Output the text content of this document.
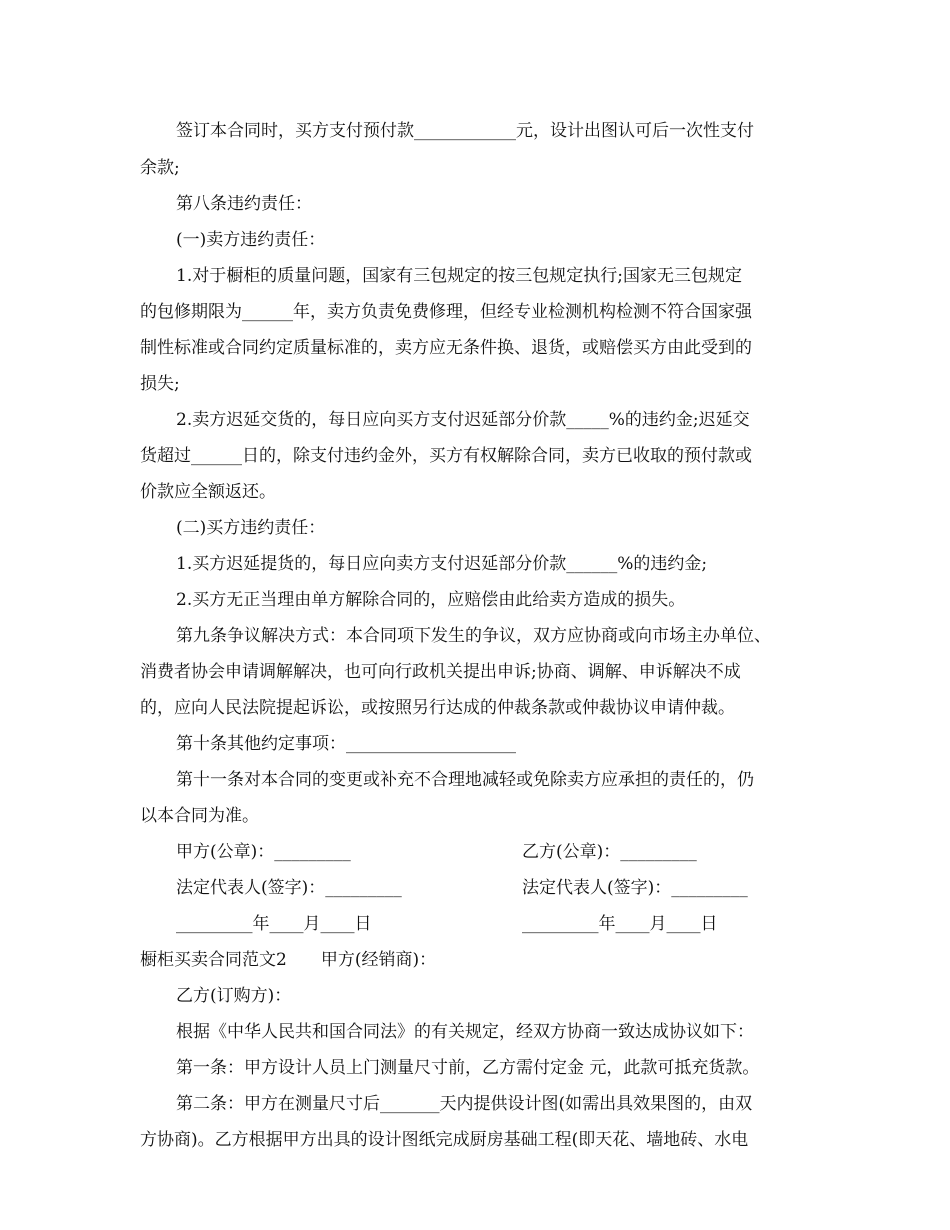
签订本合同时，买方支付预付款____________元，设计出图认可后一次性支付
余款;
第八条违约责任：
(一)卖方违约责任：
1.对于橱柜的质量问题，国家有三包规定的按三包规定执行;国家无三包规定
的包修期限为______年，卖方负责免费修理，但经专业检测机构检测不符合国家强
制性标准或合同约定质量标准的，卖方应无条件换、退货，或赔偿买方由此受到的
损失;
2.卖方迟延交货的，每日应向买方支付迟延部分价款_____%的违约金;迟延交
货超过______日的，除支付违约金外，买方有权解除合同，卖方已收取的预付款或
价款应全额返还。
(二)买方违约责任：
1.买方迟延提货的，每日应向卖方支付迟延部分价款______%的违约金;
2.买方无正当理由单方解除合同的，应赔偿由此给卖方造成的损失。
第九条争议解决方式：本合同项下发生的争议，双方应协商或向市场主办单位、
消费者协会申请调解解决，也可向行政机关提出申诉;协商、调解、申诉解决不成
的，应向人民法院提起诉讼，或按照另行达成的仲裁条款或仲裁协议申请仲裁。
第十条其他约定事项：____________________
第十一条对本合同的变更或补充不合理地减轻或免除卖方应承担的责任的，仍
以本合同为准。
甲方(公章)：_________	乙方(公章)：_________
法定代表人(签字)：_________	法定代表人(签字)：_________
_________年____月____日	_________年____月____日
橱柜买卖合同范文2　　甲方(经销商)：
乙方(订购方)：
根据《中华人民共和国合同法》的有关规定，经双方协商一致达成协议如下：
第一条：甲方设计人员上门测量尺寸前，乙方需付定金 元，此款可抵充货款。
第二条：甲方在测量尺寸后_______天内提供设计图(如需出具效果图的，由双
方协商)。乙方根据甲方出具的设计图纸完成厨房基础工程(即天花、墙地砖、水电
